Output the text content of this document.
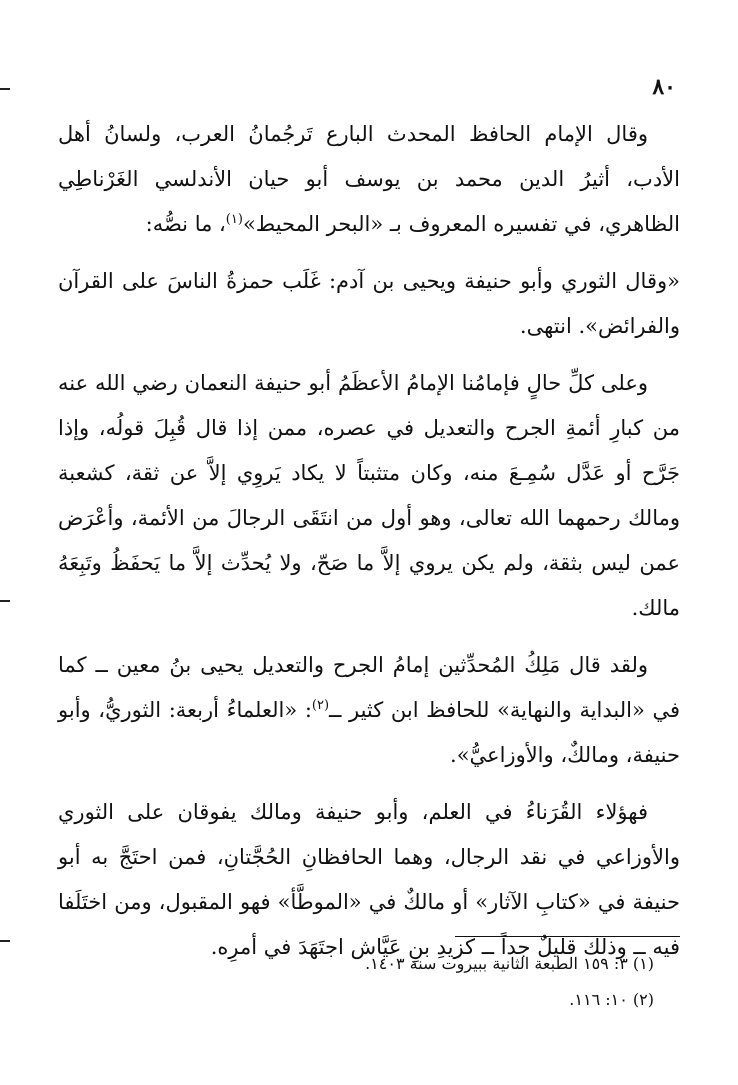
٨٠

وقال الإمام الحافظ المحدث البارع تَرجُمانُ العرب، ولسانُ أهل الأدب، أثيرُ الدين محمد بن يوسف أبو حيان الأندلسي الغَرْناطِي الظاهري، في تفسيره المعروف بـ «البحر المحيط»$^{(١)}$، ما نصُّه:

«وقال الثوري وأبو حنيفة ويحيى بن آدم: غَلَب حمزةُ الناسَ على القرآن والفرائض». انتهى.

وعلى كلِّ حالٍ فإمامُنا الإمامُ الأعظَمُ أبو حنيفة النعمان رضي الله عنه من كبارِ أئمةِ الجرح والتعديل في عصره، ممن إذا قال قُبِلَ قولُه، وإذا جَرَّح أو عَدَّل سُمِـعَ منه، وكان متثبتاً لا يكاد يَروِي إلاَّ عن ثقة، كشعبة ومالك رحمهما الله تعالى، وهو أول من انتَقَى الرجالَ من الأئمة، وأعْرَض عمن ليس بثقة، ولم يكن يروي إلاَّ ما صَحّ، ولا يُحدِّث إلاَّ ما يَحفَظُ وتَبِعَهُ مالك.

ولقد قال مَلِكُ المُحدِّثين إمامُ الجرح والتعديل يحيى بنُ معين ــ كما في «البداية والنهاية» للحافظ ابن كثير ــ$^{(٢)}$: «العلماءُ أربعة: الثوريُّ، وأبو حنيفة، ومالكٌ، والأوزاعيُّ».

فهؤلاء القُرَناءُ في العلم، وأبو حنيفة ومالك يفوقان على الثوري والأوزاعي في نقد الرجال، وهما الحافظانِ الحُجَّتانِ، فمن احتَجَّ به أبو حنيفة في «كتابِ الآثار» أو مالكٌ في «الموطَّأ» فهو المقبول، ومن اختَلَفا فيه ــ وذلك قليلٌ جداً ــ كزيدِ بنِ عَيَّاش اجتَهَدَ في أمرِه.

(١) ٣: ١٥٩ الطبعة الثانية ببيروت سنة ١٤٠٣.

(٢) ١٠: ١١٦.
